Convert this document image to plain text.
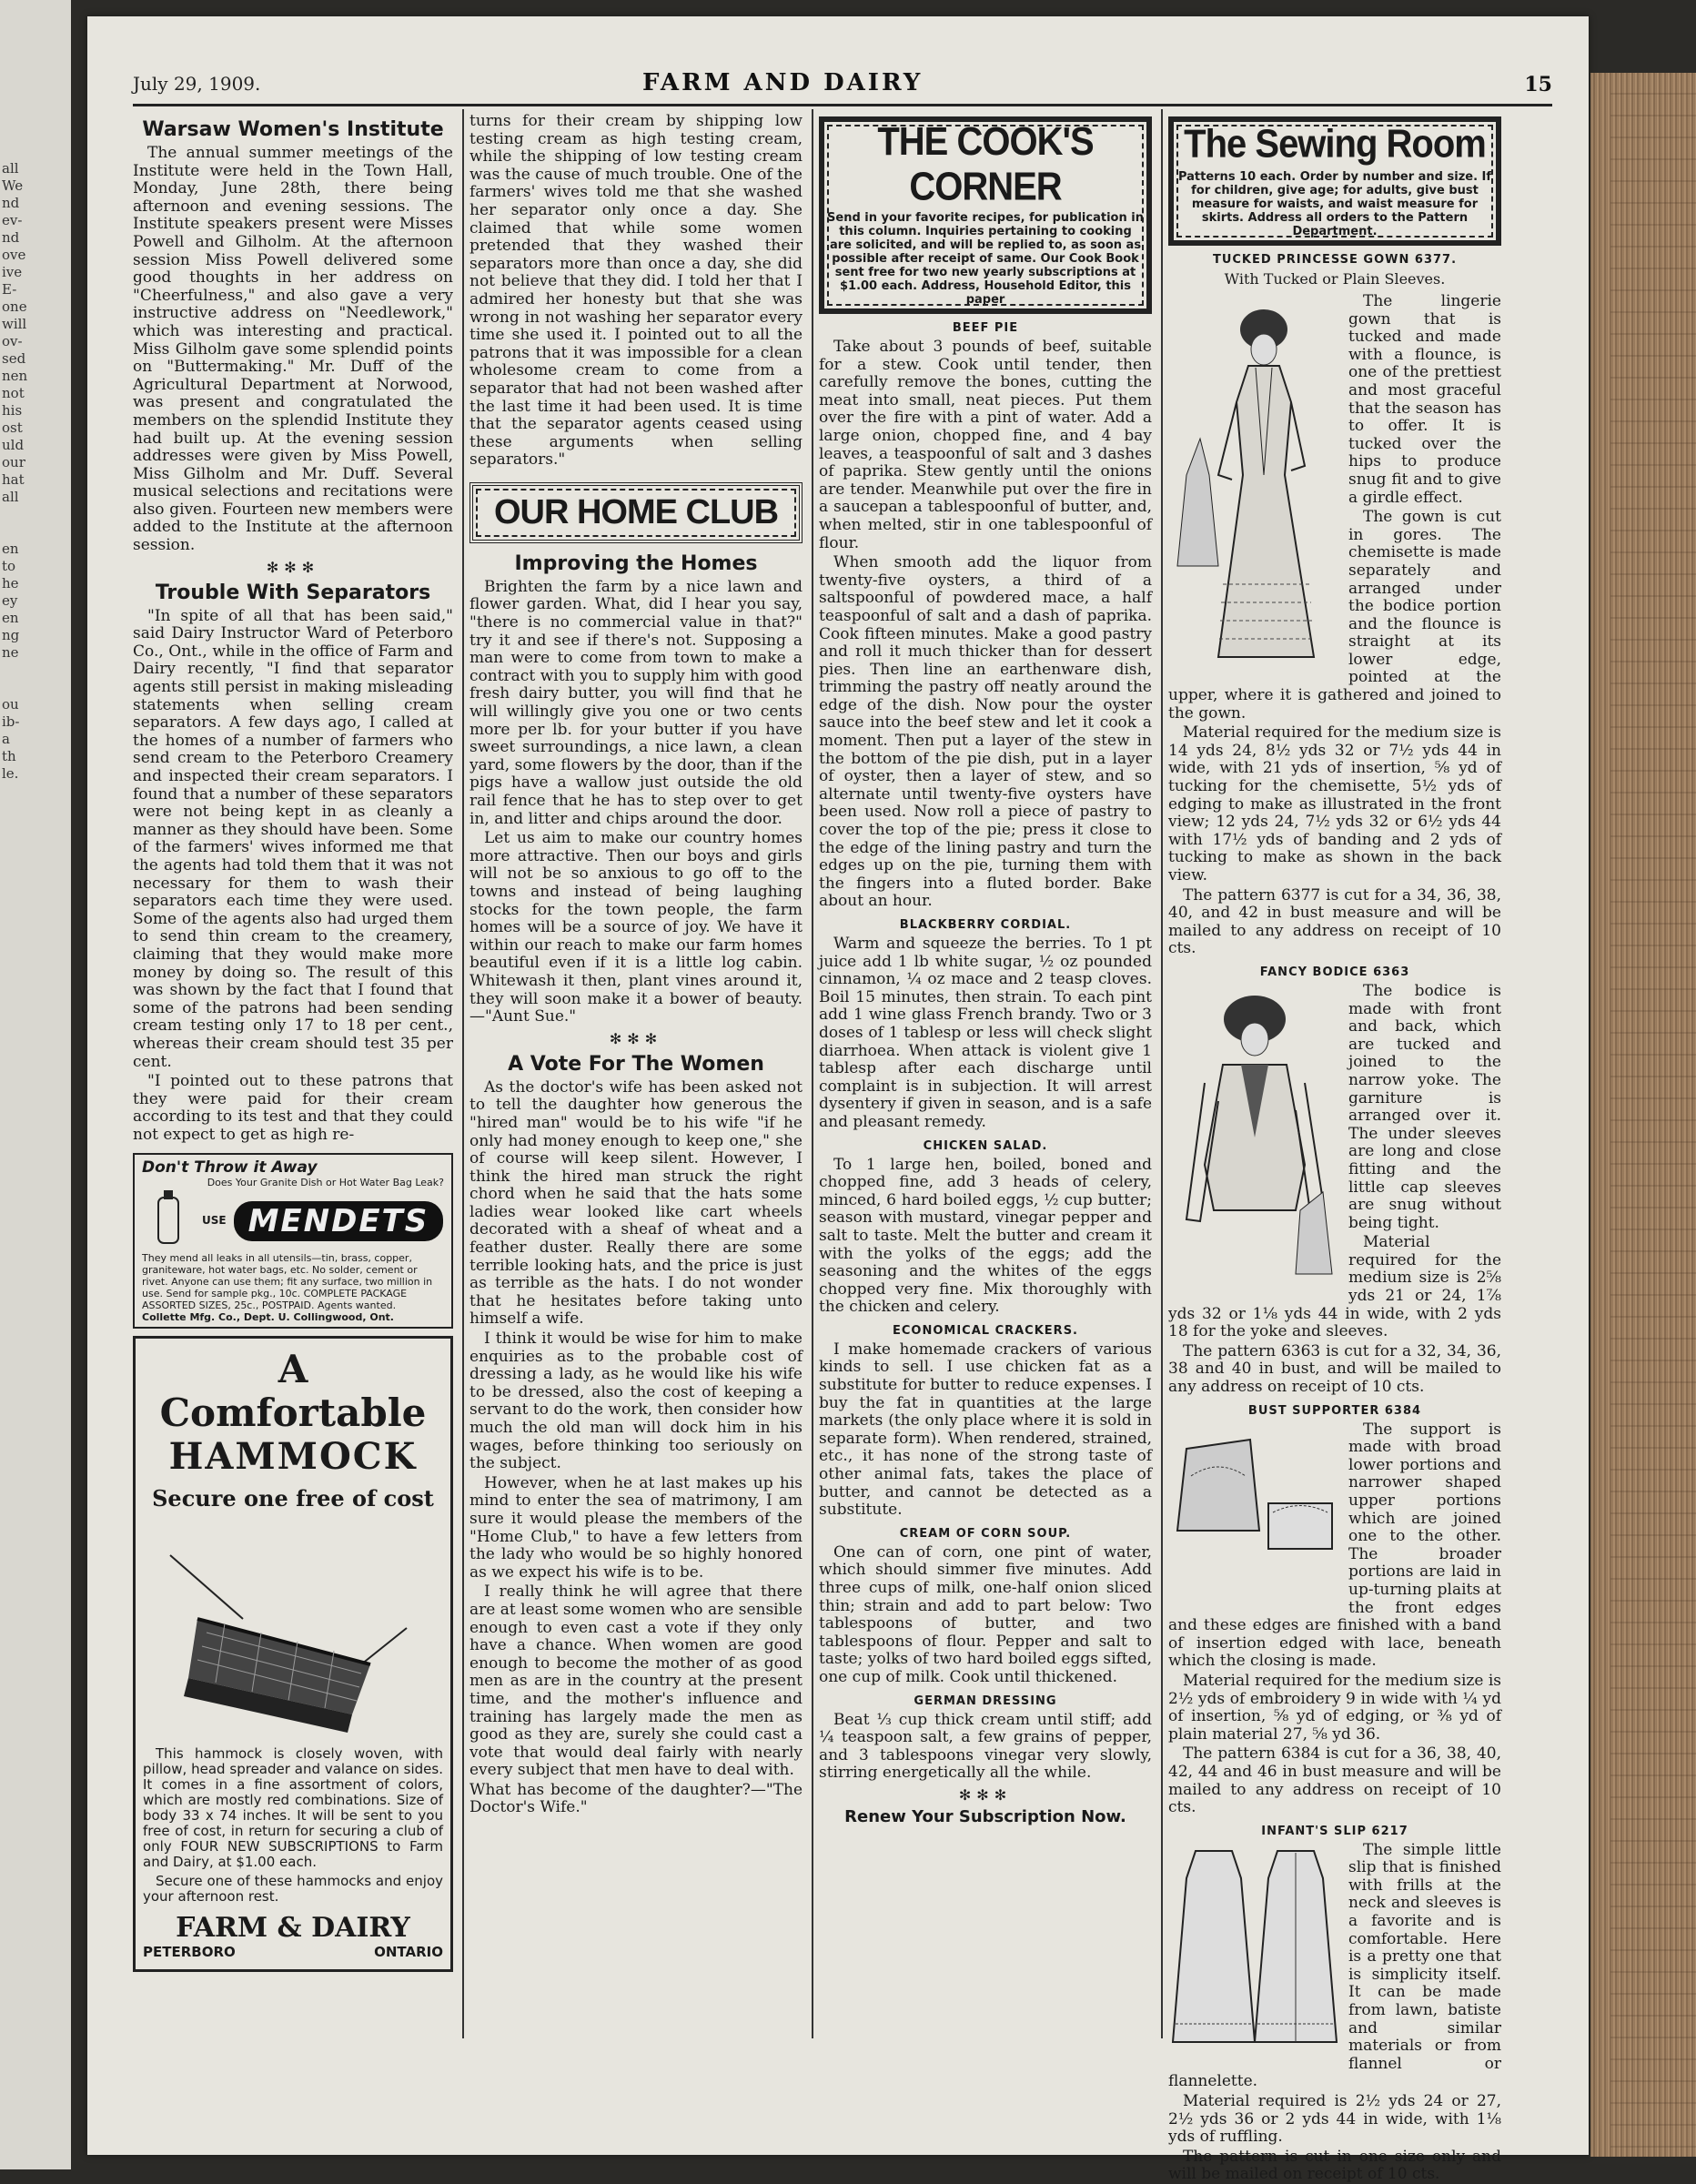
all
We
nd
ev-
nd
ove
ive
E-
one
will
ov-
sed
nen
not
his
ost
uld
our
hat
all

en
to
he
ey
en
ng
ne

ou
ib-
a
th
le.
July 29, 1909.	FARM AND DAIRY	15
Warsaw Women's Institute

The annual summer meetings of the Institute were held in the Town Hall, Monday, June 28th, there being afternoon and evening sessions. The Institute speakers present were Misses Powell and Gilholm. At the afternoon session Miss Powell delivered some good thoughts in her address on "Cheerfulness," and also gave a very instructive address on "Needlework," which was interesting and practical. Miss Gilholm gave some splendid points on "Buttermaking." Mr. Duff of the Agricultural Department at Norwood, was present and congratulated the members on the splendid Institute they had built up. At the evening session addresses were given by Miss Powell, Miss Gilholm and Mr. Duff. Several musical selections and recitations were also given. Fourteen new members were added to the Institute at the afternoon session.

✻✻✻
Trouble With Separators

"In spite of all that has been said," said Dairy Instructor Ward of Peterboro Co., Ont., while in the office of Farm and Dairy recently, "I find that separator agents still persist in making misleading statements when selling cream separators. A few days ago, I called at the homes of a number of farmers who send cream to the Peterboro Creamery and inspected their cream separators. I found that a number of these separators were not being kept in as cleanly a manner as they should have been. Some of the farmers' wives informed me that the agents had told them that it was not necessary for them to wash their separators each time they were used. Some of the agents also had urged them to send thin cream to the creamery, claiming that they would make more money by doing so. The result of this was shown by the fact that I found that some of the patrons had been sending cream testing only 17 to 18 per cent., whereas their cream should test 35 per cent.

"I pointed out to these patrons that they were paid for their cream according to its test and that they could not expect to get as high re-

Don't Throw it Away
Does Your Granite Dish or Hot Water Bag Leak?
USE MENDETS
They mend all leaks in all utensils—tin, brass, copper, graniteware, hot water bags, etc. No solder, cement or rivet. Anyone can use them; fit any surface, two million in use. Send for sample pkg., 10c. COMPLETE PACKAGE ASSORTED SIZES, 25c., POSTPAID. Agents wanted.
Collette Mfg. Co., Dept. U. Collingwood, Ont.
A Comfortable
HAMMOCK
Secure one free of cost

This hammock is closely woven, with pillow, head spreader and valance on sides. It comes in a fine assortment of colors, which are mostly red combinations. Size of body 33 x 74 inches. It will be sent to you free of cost, in return for securing a club of only FOUR NEW SUBSCRIPTIONS to Farm and Dairy, at $1.00 each.

Secure one of these hammocks and enjoy your afternoon rest.

FARM & DAIRY
PETERBORO	ONTARIO

turns for their cream by shipping low testing cream as high testing cream, while the shipping of low testing cream was the cause of much trouble. One of the farmers' wives told me that she washed her separator only once a day. She claimed that while some women pretended that they washed their separators more than once a day, she did not believe that they did. I told her that I admired her honesty but that she was wrong in not washing her separator every time she used it. I pointed out to all the patrons that it was impossible for a clean wholesome cream to come from a separator that had not been washed after the last time it had been used. It is time that the separator agents ceased using these arguments when selling separators."

OUR HOME CLUB
Improving the Homes

Brighten the farm by a nice lawn and flower garden. What, did I hear you say, "there is no commercial value in that?" try it and see if there's not. Supposing a man were to come from town to make a contract with you to supply him with good fresh dairy butter, you will find that he will willingly give you one or two cents more per lb. for your butter if you have sweet surroundings, a nice lawn, a clean yard, some flowers by the door, than if the pigs have a wallow just outside the old rail fence that he has to step over to get in, and litter and chips around the door.

Let us aim to make our country homes more attractive. Then our boys and girls will not be so anxious to go off to the towns and instead of being laughing stocks for the town people, the farm homes will be a source of joy. We have it within our reach to make our farm homes beautiful even if it is a little log cabin. Whitewash it then, plant vines around it, they will soon make it a bower of beauty.—"Aunt Sue."

✻✻✻
A Vote For The Women

As the doctor's wife has been asked not to tell the daughter how generous the "hired man" would be to his wife "if he only had money enough to keep one," she of course will keep silent. However, I think the hired man struck the right chord when he said that the hats some ladies wear looked like cart wheels decorated with a sheaf of wheat and a feather duster. Really there are some terrible looking hats, and the price is just as terrible as the hats. I do not wonder that he hesitates before taking unto himself a wife.

I think it would be wise for him to make enquiries as to the probable cost of dressing a lady, as he would like his wife to be dressed, also the cost of keeping a servant to do the work, then consider how much the old man will dock him in his wages, before thinking too seriously on the subject.

However, when he at last makes up his mind to enter the sea of matrimony, I am sure it would please the members of the "Home Club," to have a few letters from the lady who would be so highly honored as we expect his wife is to be.

I really think he will agree that there are at least some women who are sensible enough to even cast a vote if they only have a chance. When women are good enough to become the mother of as good men as are in the country at the present time, and the mother's influence and training has largely made the men as good as they are, surely she could cast a vote that would deal fairly with nearly every subject that men have to deal with.

What has become of the daughter?—"The Doctor's Wife."

THE COOK'S CORNER
Send in your favorite recipes, for publication in this column. Inquiries pertaining to cooking are solicited, and will be replied to, as soon as possible after receipt of same. Our Cook Book sent free for two new yearly subscriptions at $1.00 each. Address, Household Editor, this paper
BEEF PIE

Take about 3 pounds of beef, suitable for a stew. Cook until tender, then carefully remove the bones, cutting the meat into small, neat pieces. Put them over the fire with a pint of water. Add a large onion, chopped fine, and 4 bay leaves, a teaspoonful of salt and 3 dashes of paprika. Stew gently until the onions are tender. Meanwhile put over the fire in a saucepan a tablespoonful of butter, and, when melted, stir in one tablespoonful of flour.

When smooth add the liquor from twenty-five oysters, a third of a saltspoonful of powdered mace, a half teaspoonful of salt and a dash of paprika. Cook fifteen minutes. Make a good pastry and roll it much thicker than for dessert pies. Then line an earthenware dish, trimming the pastry off neatly around the edge of the dish. Now pour the oyster sauce into the beef stew and let it cook a moment. Then put a layer of the stew in the bottom of the pie dish, put in a layer of oyster, then a layer of stew, and so alternate until twenty-five oysters have been used. Now roll a piece of pastry to cover the top of the pie; press it close to the edge of the lining pastry and turn the edges up on the pie, turning them with the fingers into a fluted border. Bake about an hour.

BLACKBERRY CORDIAL.

Warm and squeeze the berries. To 1 pt juice add 1 lb white sugar, ½ oz pounded cinnamon, ¼ oz mace and 2 teasp cloves. Boil 15 minutes, then strain. To each pint add 1 wine glass French brandy. Two or 3 doses of 1 tablesp or less will check slight diarrhoea. When attack is violent give 1 tablesp after each discharge until complaint is in subjection. It will arrest dysentery if given in season, and is a safe and pleasant remedy.

CHICKEN SALAD.

To 1 large hen, boiled, boned and chopped fine, add 3 heads of celery, minced, 6 hard boiled eggs, ½ cup butter; season with mustard, vinegar pepper and salt to taste. Melt the butter and cream it with the yolks of the eggs; add the seasoning and the whites of the eggs chopped very fine. Mix thoroughly with the chicken and celery.

ECONOMICAL CRACKERS.

I make homemade crackers of various kinds to sell. I use chicken fat as a substitute for butter to reduce expenses. I buy the fat in quantities at the large markets (the only place where it is sold in separate form). When rendered, strained, etc., it has none of the strong taste of other animal fats, takes the place of butter, and cannot be detected as a substitute.

CREAM OF CORN SOUP.

One can of corn, one pint of water, which should simmer five minutes. Add three cups of milk, one-half onion sliced thin; strain and add to part below: Two tablespoons of butter, and two tablespoons of flour. Pepper and salt to taste; yolks of two hard boiled eggs sifted, one cup of milk. Cook until thickened.

GERMAN DRESSING

Beat ⅓ cup thick cream until stiff; add ¼ teaspoon salt, a few grains of pepper, and 3 tablespoons vinegar very slowly, stirring energetically all the while.

✻✻✻
Renew Your Subscription Now.
The Sewing Room
Patterns 10 each. Order by number and size. If for children, give age; for adults, give bust measure for waists, and waist measure for skirts. Address all orders to the Pattern Department.
TUCKED PRINCESSE GOWN 6377.
With Tucked or Plain Sleeves.

The lingerie gown that is tucked and made with a flounce, is one of the prettiest and most graceful that the season has to offer. It is tucked over the hips to produce snug fit and to give a girdle effect.

The gown is cut in gores. The chemisette is made separately and arranged under the bodice portion and the flounce is straight at its lower edge, pointed at the upper, where it is gathered and joined to the gown.

Material required for the medium size is 14 yds 24, 8½ yds 32 or 7½ yds 44 in wide, with 21 yds of insertion, ⅝ yd of tucking for the chemisette, 5½ yds of edging to make as illustrated in the front view; 12 yds 24, 7½ yds 32 or 6½ yds 44 with 17½ yds of banding and 2 yds of tucking to make as shown in the back view.

The pattern 6377 is cut for a 34, 36, 38, 40, and 42 in bust measure and will be mailed to any address on receipt of 10 cts.

FANCY BODICE 6363

The bodice is made with front and back, which are tucked and joined to the narrow yoke. The garniture is arranged over it. The under sleeves are long and close fitting and the little cap sleeves are snug without being tight.

Material required for the medium size is 2⅝ yds 21 or 24, 1⅞ yds 32 or 1⅛ yds 44 in wide, with 2 yds 18 for the yoke and sleeves.

The pattern 6363 is cut for a 32, 34, 36, 38 and 40 in bust, and will be mailed to any address on receipt of 10 cts.

BUST SUPPORTER 6384

The support is made with broad lower portions and narrower shaped upper portions which are joined one to the other. The broader portions are laid in up-turning plaits at the front edges and these edges are finished with a band of insertion edged with lace, beneath which the closing is made.

Material required for the medium size is 2½ yds of embroidery 9 in wide with ¼ yd of insertion, ⅝ yd of edging, or ⅜ yd of plain material 27, ⅝ yd 36.

The pattern 6384 is cut for a 36, 38, 40, 42, 44 and 46 in bust measure and will be mailed to any address on receipt of 10 cts.

INFANT'S SLIP 6217

The simple little slip that is finished with frills at the neck and sleeves is a favorite and is comfortable. Here is a pretty one that is simplicity itself. It can be made from lawn, batiste and similar materials or from flannel or flannelette.

Material required is 2½ yds 24 or 27, 2½ yds 36 or 2 yds 44 in wide, with 1⅛ yds of ruffling.

The pattern is cut in one size only and will be mailed on receipt of 10 cts.
